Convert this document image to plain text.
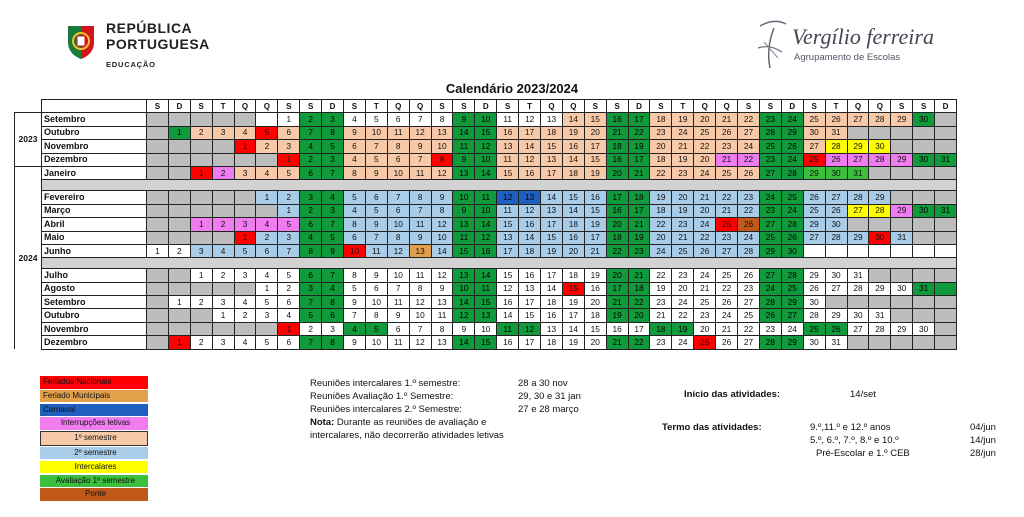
REPÚBLICA
PORTUGUESA
EDUCAÇÃO
Vergílio ferreira
Agrupamento de Escolas
Calendário 2023/2024
		S	D	S	T	Q	Q	S	S	D	S	T	Q	Q	S	S	D	S	T	Q	Q	S	S	D	S	T	Q	Q	S	S	D	S	T	Q	Q	S	S	D
2023	Setembro							1	2	3	4	5	6	7	8	9	10	11	12	13	14	15	16	17	18	19	20	21	22	23	24	25	26	27	28	29	30	
	Outubro		1	2	3	4	5	6	7	8	9	10	11	12	13	14	15	16	17	18	19	20	21	22	23	24	25	26	27	28	29	30	31					
	Novembro					1	2	3	4	5	6	7	8	9	10	11	12	13	14	15	16	17	18	19	20	21	22	23	24	25	26	27	28	29	30			
	Dezembro							1	2	3	4	5	6	7	8	9	10	11	12	13	14	15	16	17	18	19	20	21	22	23	24	25	26	27	28	29	30	31
2024	Janeiro			1	2	3	4	5	6	7	8	9	10	11	12	13	14	15	16	17	18	19	20	21	22	23	24	25	26	27	28	29	30	31				

	Fevereiro						1	2	3	4	5	6	7	8	9	10	11	12	13	14	15	16	17	18	19	20	21	22	23	24	25	26	27	28	29			
	Março							1	2	3	4	5	6	7	8	9	10	11	12	13	14	15	16	17	18	19	20	21	22	23	24	25	26	27	28	29	30	31
	Abril			1	2	3	4	5	6	7	8	9	10	11	12	13	14	15	16	17	18	19	20	21	22	23	24	25	26	27	28	29	30					
	Maio					1	2	3	4	5	6	7	8	9	10	11	12	13	14	15	16	17	18	19	20	21	22	23	24	25	26	27	28	29	30	31		
	Junho	1	2	3	4	5	6	7	8	9	10	11	12	13	14	15	16	17	18	19	20	21	22	23	24	25	26	27	28	29	30							

	Julho			1	2	3	4	5	6	7	8	9	10	11	12	13	14	15	16	17	18	19	20	21	22	23	24	25	26	27	28	29	30	31				
	Agosto						1	2	3	4	5	6	7	8	9	10	11	12	13	14	15	16	17	18	19	20	21	22	23	24	25	26	27	28	29	30	31	
	Setembro		1	2	3	4	5	6	7	8	9	10	11	12	13	14	15	16	17	18	19	20	21	22	23	24	25	26	27	28	29	30						
	Outubro				1	2	3	4	5	6	7	8	9	10	11	12	13	14	15	16	17	18	19	20	21	22	23	24	25	26	27	28	29	30	31			
	Novembro							1	2	3	4	5	6	7	8	9	10	11	12	13	14	15	16	17	18	19	20	21	22	23	24	25	26	27	28	29	30	
	Dezembro		1	2	3	4	5	6	7	8	9	10	11	12	13	14	15	16	17	18	19	20	21	22	23	24	25	26	27	28	29	30	31					
Feriados Nacionais
Feriado Municipais
Carnaval
Interrupções letivas
1º semestre
2º semestre
Intercalares
Avaliação 1º semestre
Ponte
Reuniões intercalares 1.º semestre:	28 a 30 nov
Reuniões Avaliação 1.º Semestre:	29, 30 e 31 jan
Reuniões intercalares 2.º Semestre:	27 e 28 março
Nota: Durante as reuniões de avaliação e intercalares, não decorrerão atividades letivas
Início das atividades:	14/set
Termo das atividades:	9.º,11.º e 12.º anos	04/jun
5.º, 6.º, 7.º, 8.º e 10.º	14/jun
Pré-Escolar e 1.º CEB	28/jun
